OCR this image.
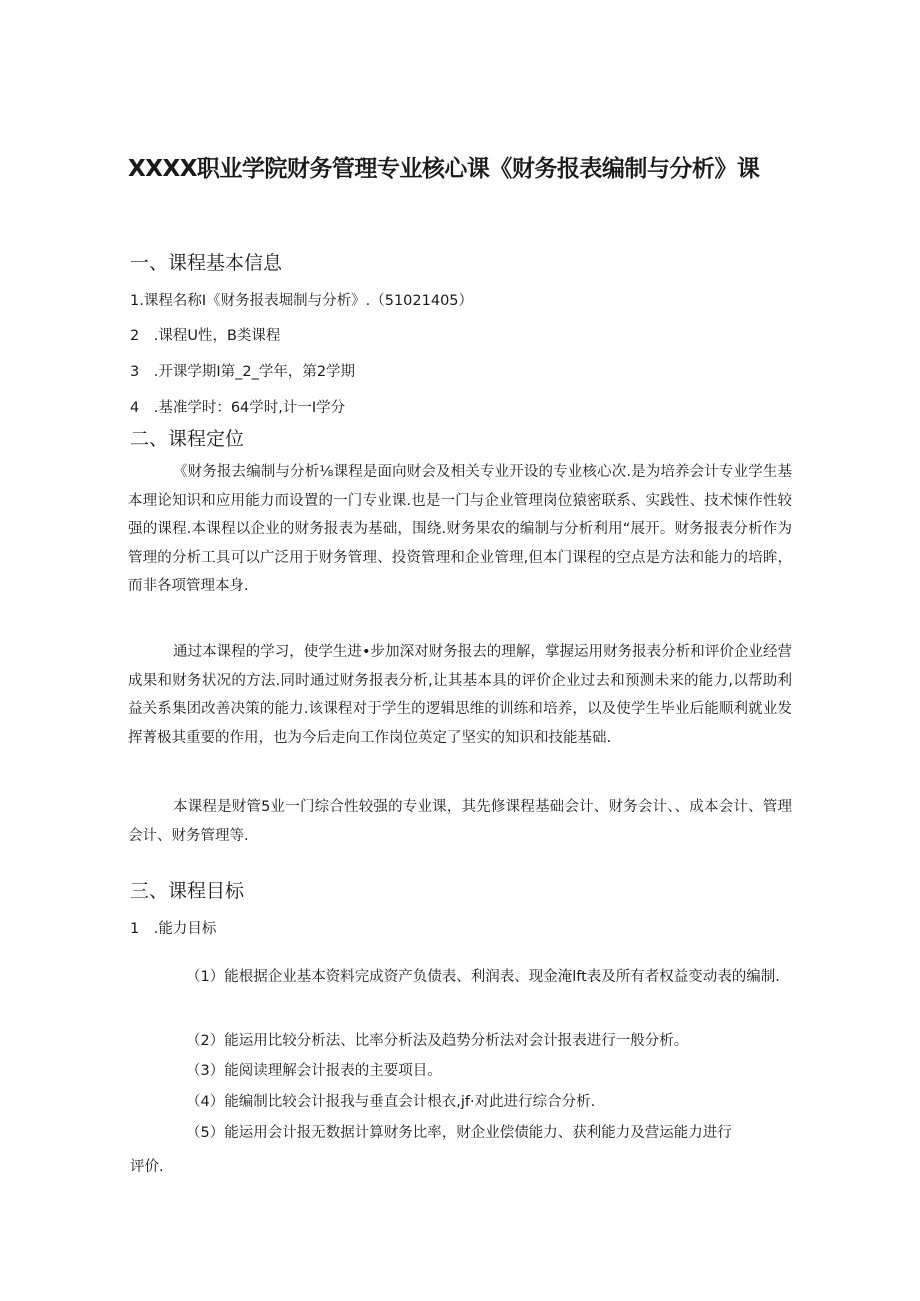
XXXX职业学院财务管理专业核心课《财务报表编制与分析》课
一、课程基本信息
1.课程名称I《财务报表堀制与分析》.（51021405）
2　.课程U性，B类课程
3　.开课学期I第_2_学年，第2学期
4　.基准学时：64学时,计一I学分
二、课程定位
《财务报去编制与分析⅛课程是面向财会及相关专业开设的专业核心次.是为培养会计专业学生基本理论知识和应用能力而设置的一门专业课.也是一门与企业管理岗位猿密联系、实践性、技术悚作性较强的课程.本课程以企业的财务报表为基础，围绕.财务果农的编制与分析利用“展开。财务报表分析作为管理的分析工具可以广泛用于财务管理、投资管理和企业管理,但本门课程的空点是方法和能力的培眸，而非各项管理本身.
通过本课程的学习，使学生进•步加深对财务报去的理解，掌握运用财务报表分析和评价企业经营成果和财务状况的方法.同时通过财务报表分析,让其基本具的评价企业过去和预测未来的能力,以帮助利益关系集团改善决策的能力.该课程对于学生的逻辑思维的训练和培养，以及使学生毕业后能顺利就业发挥菁极其重要的作用，也为今后走向工作岗位英定了坚实的知识和技能基础.
本课程是财管5业一门综合性较强的专业课，其先修课程基础会计、财务会计、、成本会计、管理会计、财务管理等.
三、课程目标
1　.能力目标
（1）能根据企业基本资料完成资产负债表、利润表、现金淹lft表及所有者权益变动表的编制.
（2）能运用比较分析法、比率分析法及趋势分析法对会计报表进行一般分析。
（3）能阅读理解会计报表的主要项目。
（4）能编制比较会计报我与垂直会计根衣,jf·对此进行综合分析.
（5）能运用会计报无数据计算财务比率，财企业偿债能力、获利能力及营运能力进行
评价.
